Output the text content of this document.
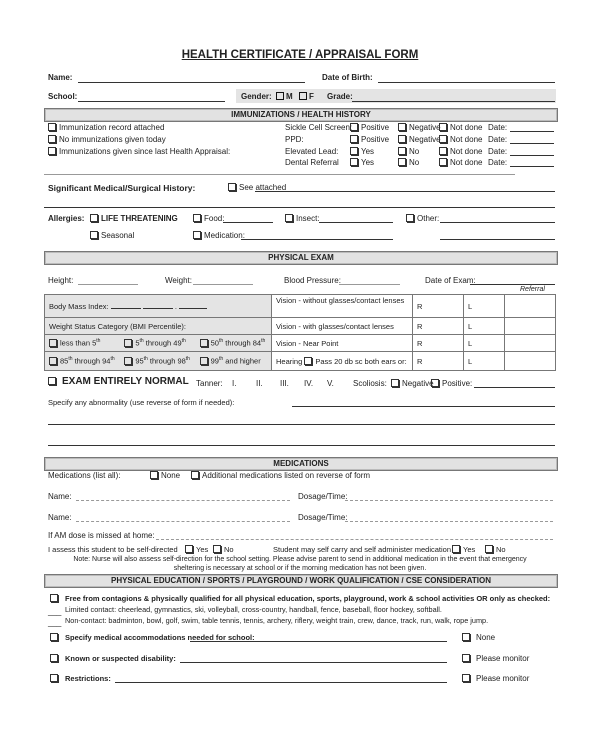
HEALTH CERTIFICATE / APPRAISAL FORM
Name:	Date of Birth:
School:	Gender:	M	F Grade:
IMMUNIZATIONS / HEALTH HISTORY
Immunization record attached
No immunizations given today
Immunizations given since last Health Appraisal:
Sickle Cell Screen:	Positive	Negative	Not done Date:
PPD:	Positive	Negative	Not done Date:
Elevated Lead:	Yes	No	Not done Date:
Dental Referral	Yes	No	Not done Date:
Significant Medical/Surgical History:	See attached
Allergies:	LIFE THREATENING	Food:	Insect:	Other:
Seasonal	Medication:
PHYSICAL EXAM
Height:	Weight:	Blood Pressure:	Date of Exam:
Referral
Body Mass Index: .			Vision - without glasses/contact lenses	R	L	
Weight Status Category (BMI Percentile):			Vision - with glasses/contact lenses	R	L	
less than 5th	5th through 49th	50th through 84th	Vision - Near Point	R	L	
85th through 94th	95th through 98th	99th and higher	Hearing Pass 20 db sc both ears or:	R	L	
EXAM ENTIRELY NORMAL Tanner: I. II. III. IV. V. Scoliosis:	Negative	Positive:
Specify any abnormality (use reverse of form if needed):
MEDICATIONS
Medications (list all):	None	Additional medications listed on reverse of form
Name:	Dosage/Time:
Name:	Dosage/Time:
If AM dose is missed at home:
I assess this student to be self-directed	Yes	No	Student may self carry and self administer medication	Yes	No
Note: Nurse will also assess self-direction for the school setting. Please advise parent to send in additional medication in the event that emergency
sheltering is necessary at school or if the morning medication has not been given.
PHYSICAL EDUCATION / SPORTS / PLAYGROUND / WORK QUALIFICATION / CSE CONSIDERATION
Free from contagions & physically qualified for all physical education, sports, playground, work & school activities OR only as checked:
___ Limited contact: cheerlead, gymnastics, ski, volleyball, cross-country, handball, fence, baseball, floor hockey, softball.
___ Non-contact: badminton, bowl, golf, swim, table tennis, tennis, archery, riflery, weight train, crew, dance, track, run, walk, rope jump.
Specify medical accommodations needed for school:	None
Known or suspected disability:	Please monitor
Restrictions:	Please monitor
